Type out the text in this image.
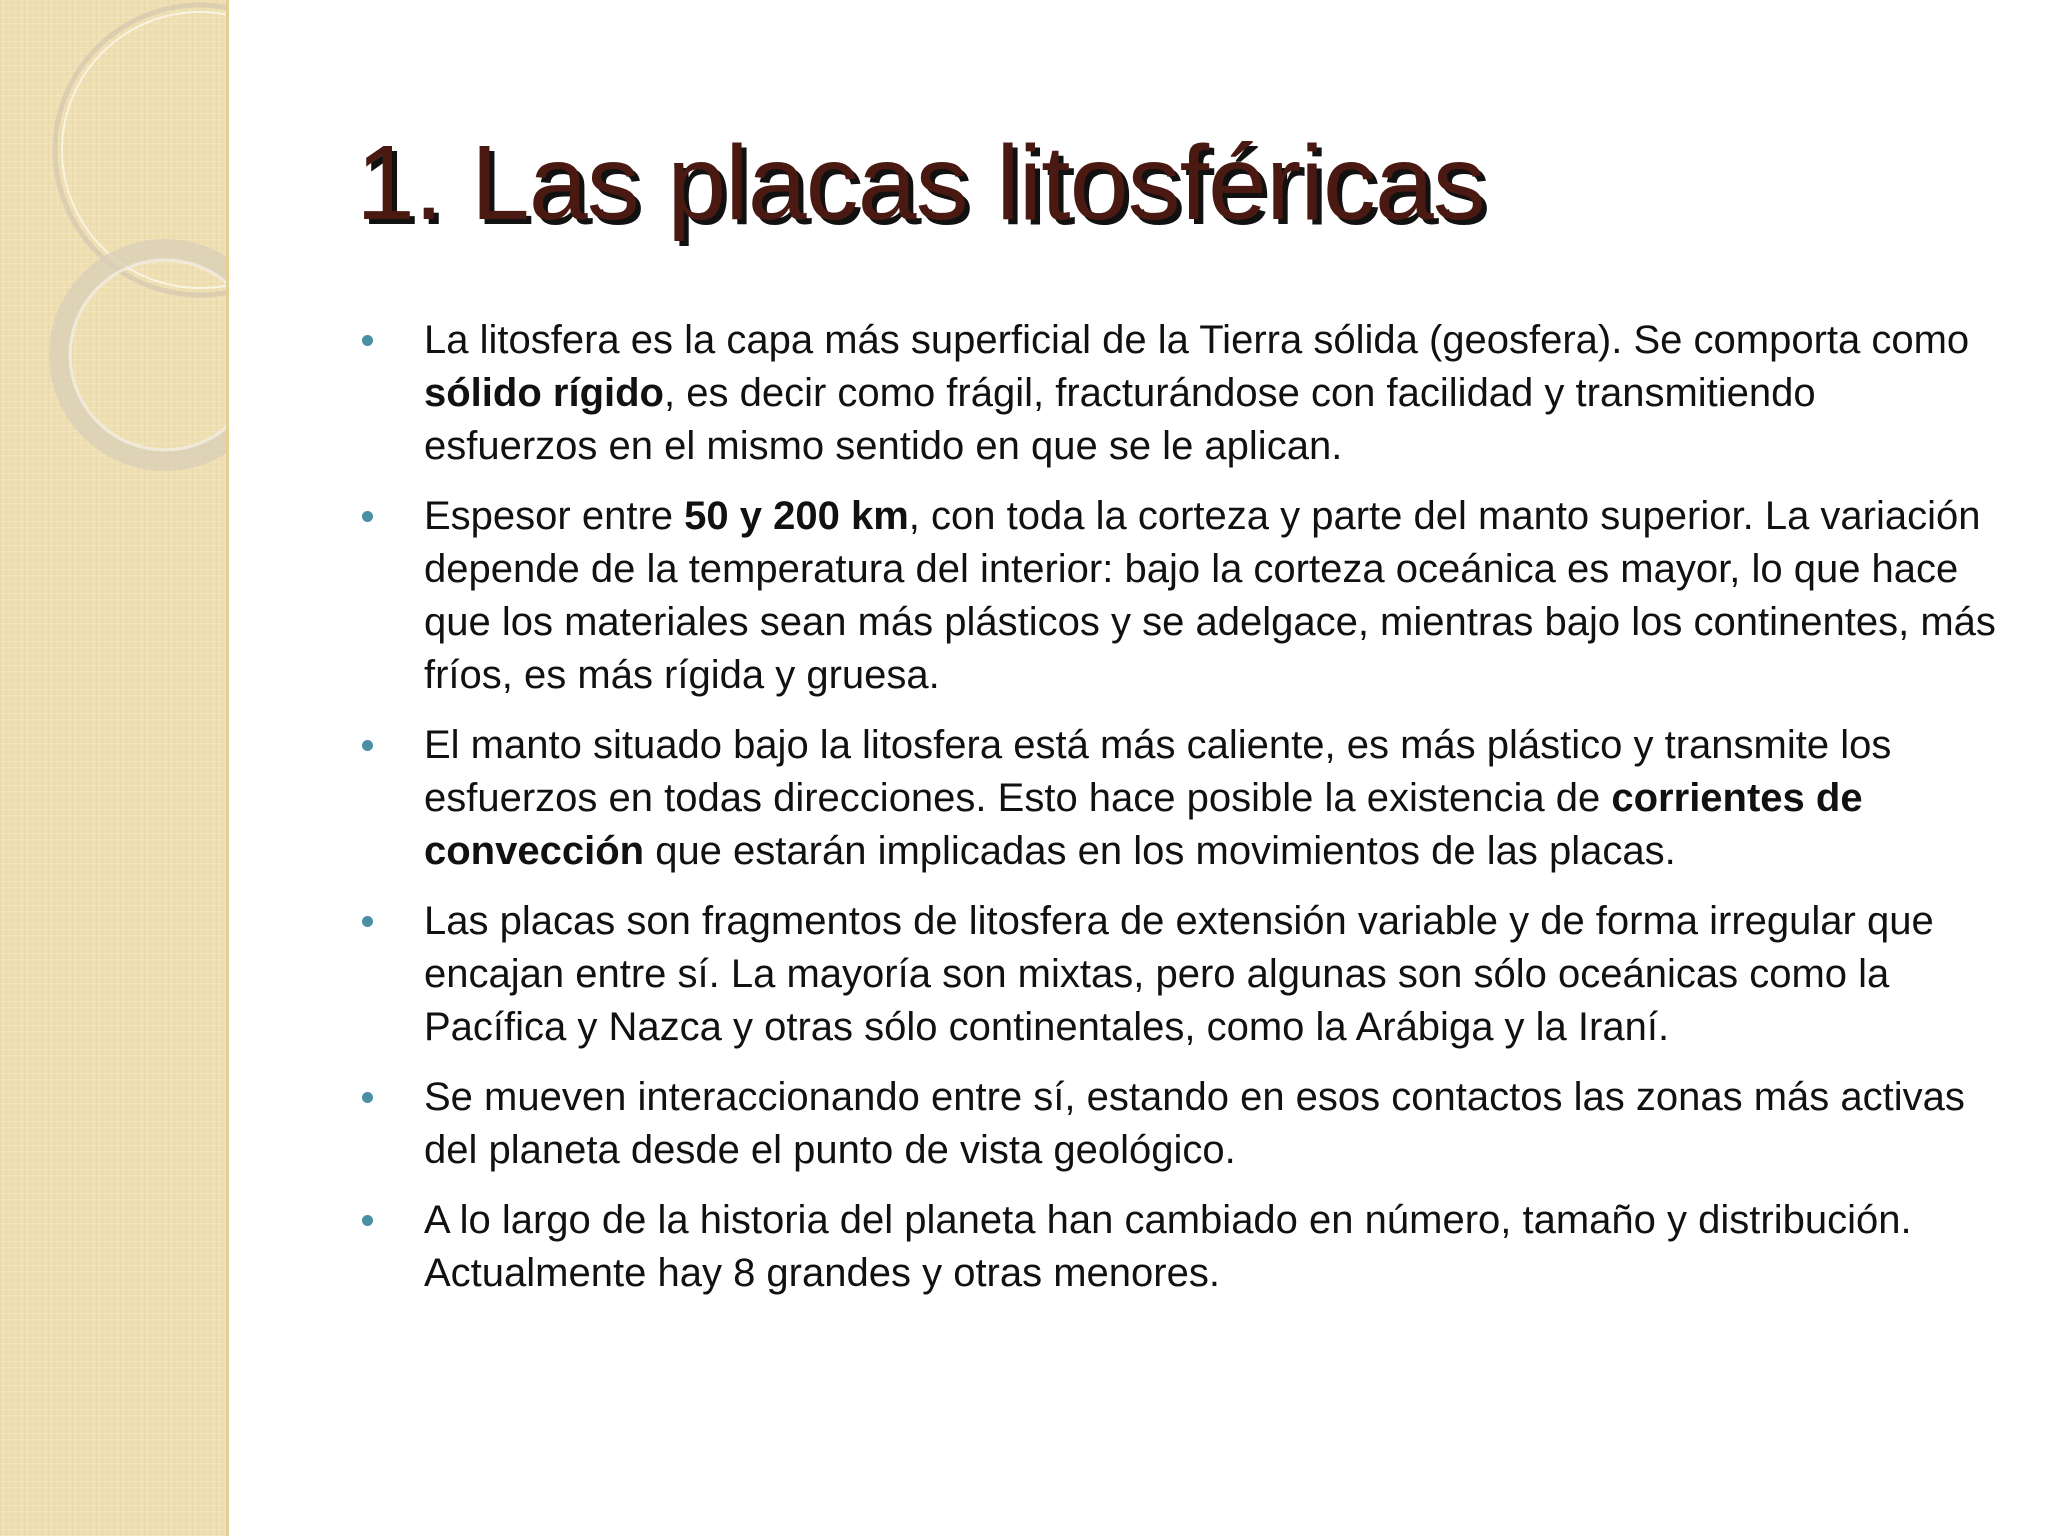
1. Las placas litosféricas
La litosfera es la capa más superficial de la Tierra sólida (geosfera). Se comporta como sólido rígido, es decir como frágil, fracturándose con facilidad y transmitiendo esfuerzos en el mismo sentido en que se le aplican.
Espesor entre 50 y 200 km, con toda la corteza y parte del manto superior. La variación depende de la temperatura del interior: bajo la corteza oceánica es mayor, lo que hace que los materiales sean más plásticos y se adelgace, mientras bajo los continentes, más fríos, es más rígida y gruesa.
El manto situado bajo la litosfera está más caliente, es más plástico y transmite los esfuerzos en todas direcciones. Esto hace posible la existencia de corrientes de convección que estarán implicadas en los movimientos de las placas.
Las placas son fragmentos de litosfera de extensión variable y de forma irregular que encajan entre sí. La mayoría son mixtas, pero algunas son sólo oceánicas como la Pacífica y Nazca y otras sólo continentales, como la Arábiga y la Iraní.
Se mueven interaccionando entre sí, estando en esos contactos las zonas más activas del planeta desde el punto de vista geológico.
A lo largo de la historia del planeta han cambiado en número, tamaño y distribución. Actualmente hay 8 grandes y otras menores.
